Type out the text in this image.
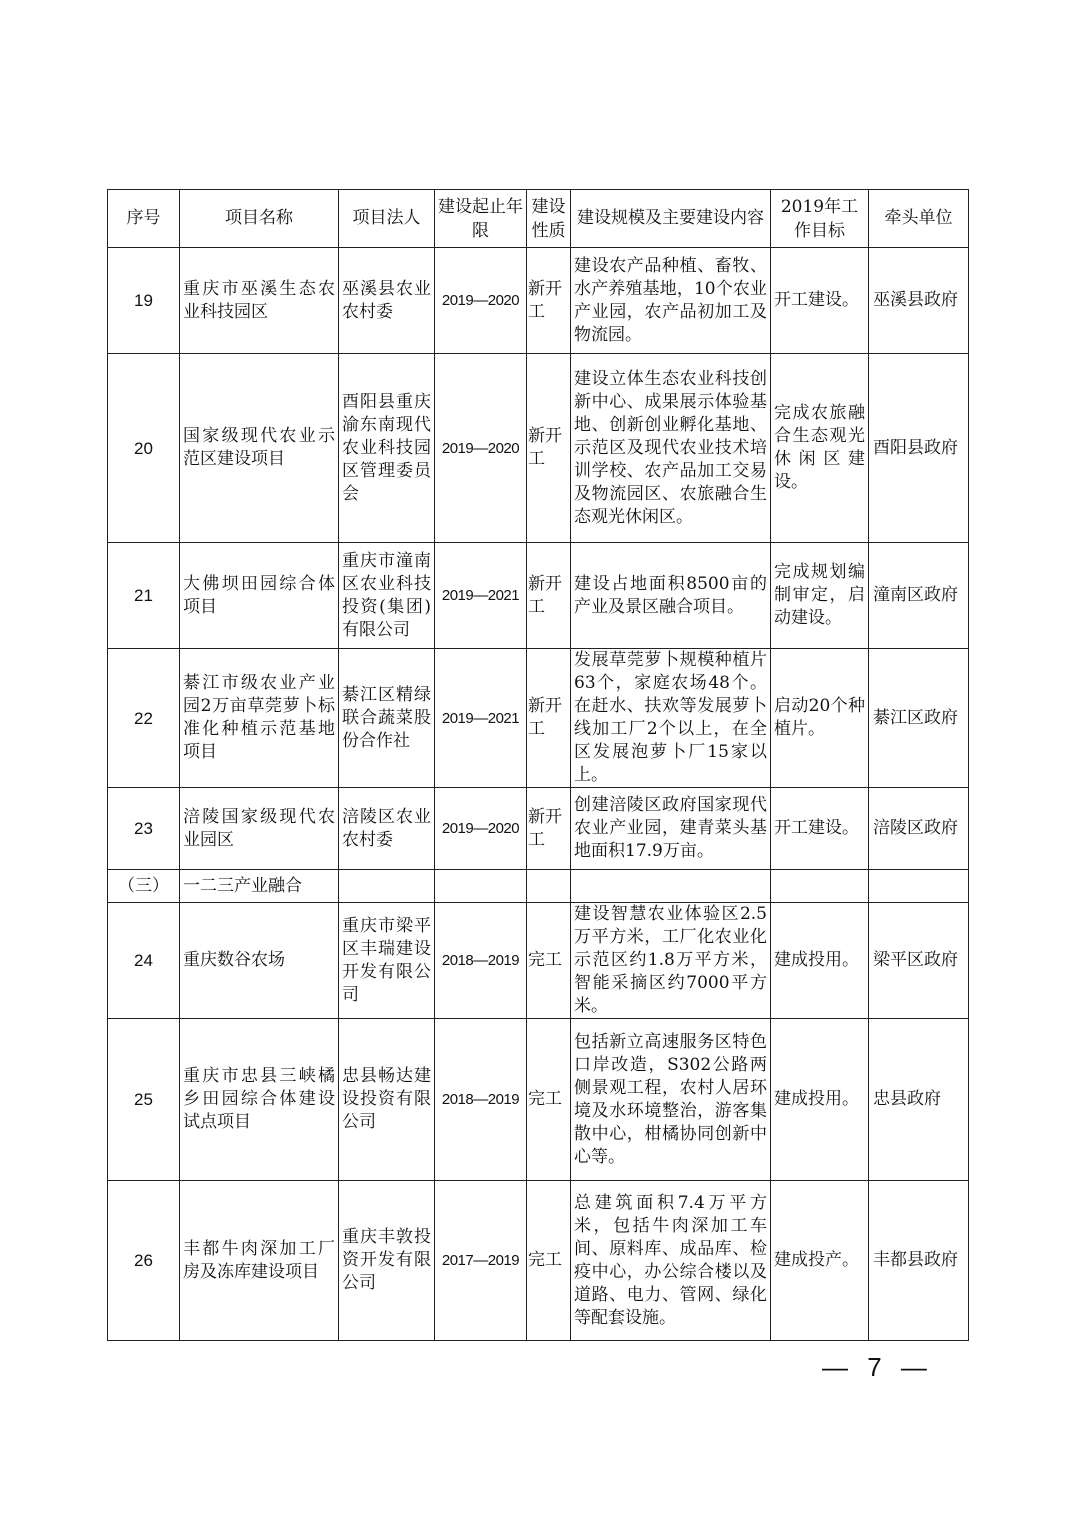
序号	项目名称	项目法人	建设起止年限	建设性质	建设规模及主要建设内容	2019年工作目标	牵头单位
19	重庆市巫溪生态农业科技园区	巫溪县农业农村委	2019—2020	新开工	建设农产品种植、畜牧、水产养殖基地，10个农业产业园，农产品初加工及物流园。	开工建设。	巫溪县政府
20	国家级现代农业示范区建设项目	酉阳县重庆渝东南现代农业科技园区管理委员会	2019—2020	新开工	建设立体生态农业科技创新中心、成果展示体验基地、创新创业孵化基地、示范区及现代农业技术培训学校、农产品加工交易及物流园区、农旅融合生态观光休闲区。	完成农旅融合生态观光休闲区建设。	酉阳县政府
21	大佛坝田园综合体项目	重庆市潼南区农业科技投资(集团)有限公司	2019—2021	新开工	建设占地面积8500亩的产业及景区融合项目。	完成规划编制审定，启动建设。	潼南区政府
22	綦江市级农业产业园2万亩草莞萝卜标准化种植示范基地项目	綦江区精绿联合蔬菜股份合作社	2019—2021	新开工	发展草莞萝卜规模种植片63个，家庭农场48个。在赶水、扶欢等发展萝卜线加工厂2个以上，在全区发展泡萝卜厂15家以上。	启动20个种植片。	綦江区政府
23	涪陵国家级现代农业园区	涪陵区农业农村委	2019—2020	新开工	创建涪陵区政府国家现代农业产业园，建青菜头基地面积17.9万亩。	开工建设。	涪陵区政府
（三）	一二三产业融合						
24	重庆数谷农场	重庆市梁平区丰瑞建设开发有限公司	2018—2019	完工	建设智慧农业体验区2.5万平方米，工厂化农业化示范区约1.8万平方米，智能采摘区约7000平方米。	建成投用。	梁平区政府
25	重庆市忠县三峡橘乡田园综合体建设试点项目	忠县畅达建设投资有限公司	2018—2019	完工	包括新立高速服务区特色口岸改造，S302公路两侧景观工程，农村人居环境及水环境整治，游客集散中心，柑橘协同创新中心等。	建成投用。	忠县政府
26	丰都牛肉深加工厂房及冻库建设项目	重庆丰敦投资开发有限公司	2017—2019	完工	总建筑面积7.4万平方米，包括牛肉深加工车间、原料库、成品库、检疫中心，办公综合楼以及道路、电力、管网、绿化等配套设施。	建成投产。	丰都县政府
— 7 —
